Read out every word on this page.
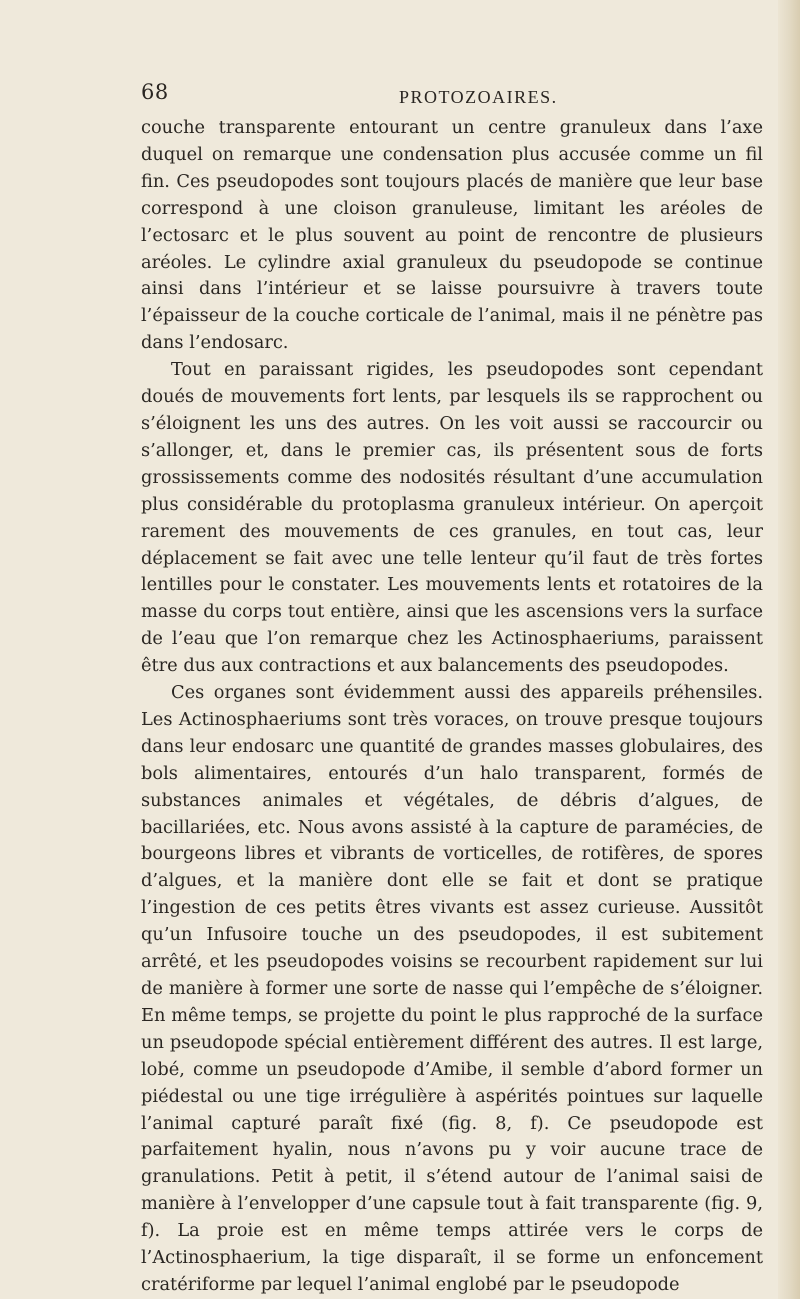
68	PROTOZOAIRES.

couche transparente entourant un centre granuleux dans l’axe duquel on remarque une condensation plus accusée comme un fil fin. Ces pseudopodes sont toujours placés de manière que leur base correspond à une cloison granuleuse, limitant les aréoles de l’ectosarc et le plus souvent au point de rencontre de plusieurs aréoles. Le cylindre axial granuleux du pseudopode se continue ainsi dans l’intérieur et se laisse poursuivre à travers toute l’épaisseur de la couche corticale de l’animal, mais il ne pénètre pas dans l’endosarc.

Tout en paraissant rigides, les pseudopodes sont cependant doués de mouvements fort lents, par lesquels ils se rapprochent ou s’éloignent les uns des autres. On les voit aussi se raccourcir ou s’allonger, et, dans le premier cas, ils présentent sous de forts grossissements comme des nodosités résultant d’une accumulation plus considérable du protoplasma granuleux intérieur. On aperçoit rarement des mouvements de ces granules, en tout cas, leur déplacement se fait avec une telle lenteur qu’il faut de très fortes lentilles pour le constater. Les mouvements lents et rotatoires de la masse du corps tout entière, ainsi que les ascensions vers la surface de l’eau que l’on remarque chez les Actinosphaeriums, paraissent être dus aux contractions et aux balancements des pseudopodes.

Ces organes sont évidemment aussi des appareils préhensiles. Les Actinosphaeriums sont très voraces, on trouve presque toujours dans leur endosarc une quantité de grandes masses globulaires, des bols alimentaires, entourés d’un halo transparent, formés de substances animales et végétales, de débris d’algues, de bacillariées, etc. Nous avons assisté à la capture de paramécies, de bourgeons libres et vibrants de vorticelles, de rotifères, de spores d’algues, et la manière dont elle se fait et dont se pratique l’ingestion de ces petits êtres vivants est assez curieuse. Aussitôt qu’un Infusoire touche un des pseudopodes, il est subitement arrêté, et les pseudopodes voisins se recourbent rapidement sur lui de manière à former une sorte de nasse qui l’empêche de s’éloigner. En même temps, se projette du point le plus rapproché de la surface un pseudopode spécial entièrement différent des autres. Il est large, lobé, comme un pseudopode d’Amibe, il semble d’abord former un piédestal ou une tige irrégulière à aspérités pointues sur laquelle l’animal capturé paraît fixé (fig. 8, f). Ce pseudopode est parfaitement hyalin, nous n’avons pu y voir aucune trace de granulations. Petit à petit, il s’étend autour de l’animal saisi de manière à l’envelopper d’une capsule tout à fait transparente (fig. 9, f). La proie est en même temps attirée vers le corps de l’Actinosphaerium, la tige disparaît, il se forme un enfoncement cratériforme par lequel l’animal englobé par le pseudopode
